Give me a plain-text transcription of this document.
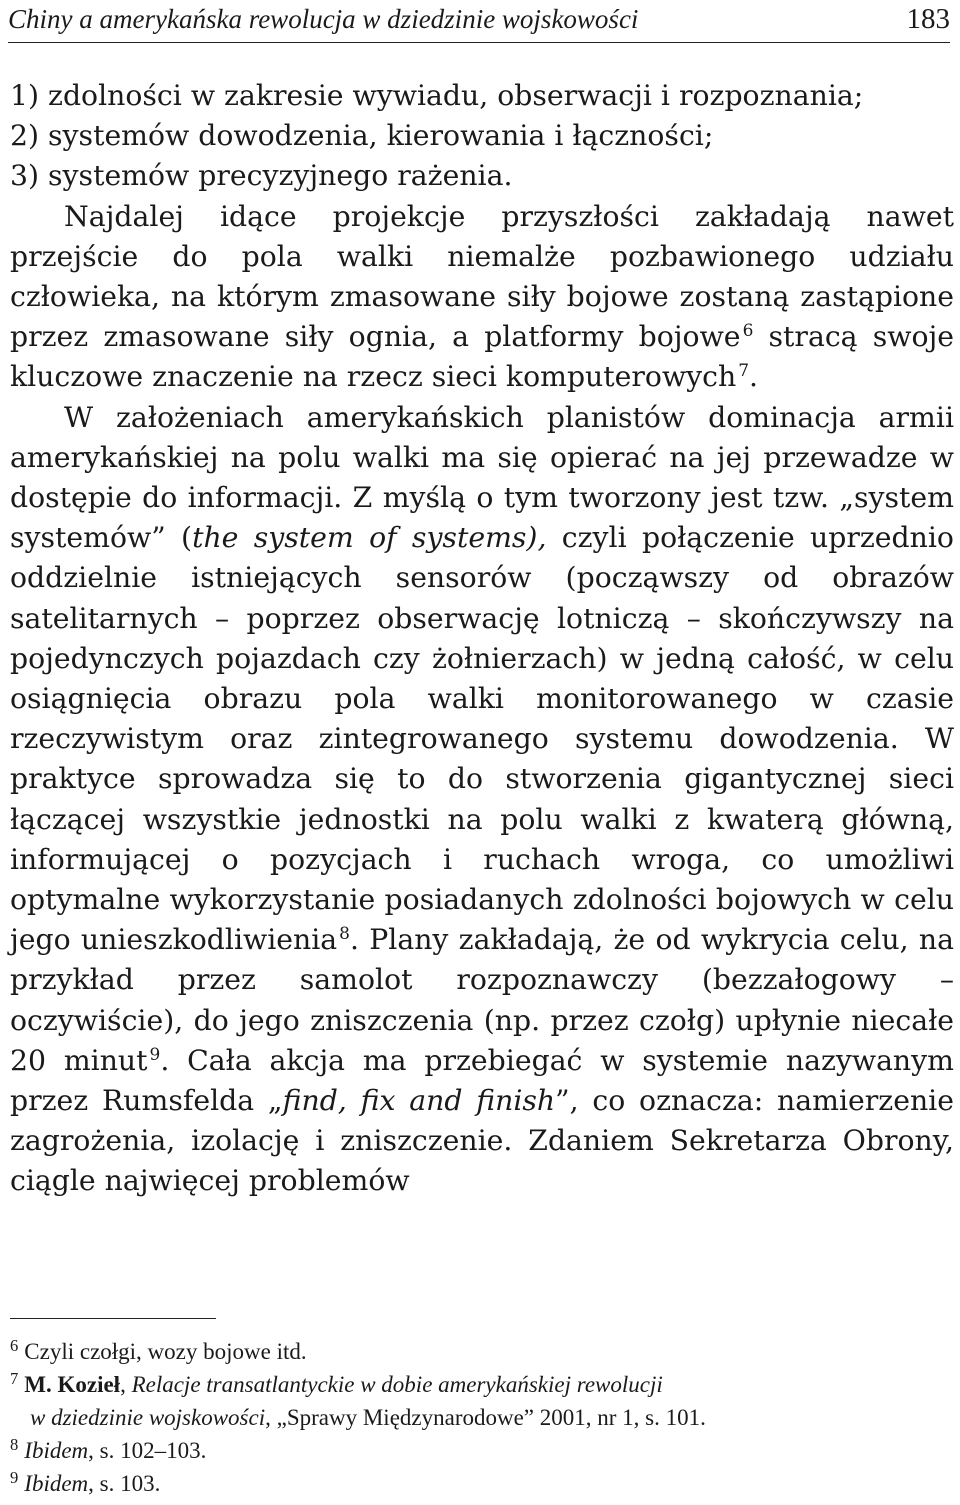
Chiny a amerykańska rewolucja w dziedzinie wojskowości	183
1) zdolności w zakresie wywiadu, obserwacji i rozpoznania;
2) systemów dowodzenia, kierowania i łączności;
3) systemów precyzyjnego rażenia.

Najdalej idące projekcje przyszłości zakładają nawet przejście do pola walki niemalże pozbawionego udziału człowieka, na którym zmasowane siły bojowe zostaną zastąpione przez zmasowane siły ognia, a platformy bojowe $^6$ stracą swoje kluczowe znaczenie na rzecz sieci komputerowych $^7$.

W założeniach amerykańskich planistów dominacja armii amerykańskiej na polu walki ma się opierać na jej przewadze w dostępie do informacji. Z myślą o tym tworzony jest tzw. „system systemów” (the system of systems), czyli połączenie uprzednio oddzielnie istniejących sensorów (począwszy od obrazów satelitarnych – poprzez obserwację lotniczą – skończywszy na pojedynczych pojazdach czy żołnierzach) w jedną całość, w celu osiągnięcia obrazu pola walki monitorowanego w czasie rzeczywistym oraz zintegrowanego systemu dowodzenia. W praktyce sprowadza się to do stworzenia gigantycznej sieci łączącej wszystkie jednostki na polu walki z kwaterą główną, informującej o pozycjach i ruchach wroga, co umożliwi optymalne wykorzystanie posiadanych zdolności bojowych w celu jego unieszkodliwienia $^8$. Plany zakładają, że od wykrycia celu, na przykład przez samolot rozpoznawczy (bezzałogowy – oczywiście), do jego zniszczenia (np. przez czołg) upłynie niecałe 20 minut $^9$. Cała akcja ma przebiegać w systemie nazywanym przez Rumsfelda „find, fix and finish”, co oznacza: namierzenie zagrożenia, izolację i zniszczenie. Zdaniem Sekretarza Obrony, ciągle najwięcej problemów

$^6$ Czyli czołgi, wozy bojowe itd.

$^7$ M. Kozieł, Relacje transatlantyckie w dobie amerykańskiej rewolucji
w dziedzinie wojskowości, „Sprawy Międzynarodowe” 2001, nr 1, s. 101.

$^8$ Ibidem, s. 102–103.

$^9$ Ibidem, s. 103.
